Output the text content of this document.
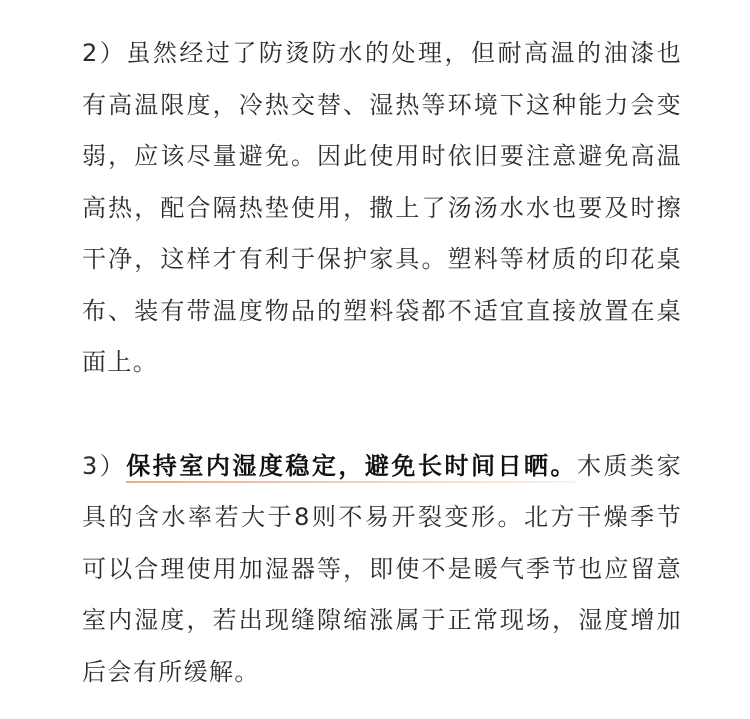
2）虽然经过了防烫防水的处理，但耐高温的油漆也有高温限度，冷热交替、湿热等环境下这种能力会变弱，应该尽量避免。因此使用时依旧要注意避免高温高热，配合隔热垫使用，撒上了汤汤水水也要及时擦干净，这样才有利于保护家具。塑料等材质的印花桌布、装有带温度物品的塑料袋都不适宜直接放置在桌面上。

3）保持室内湿度稳定，避免长时间日晒。木质类家具的含水率若大于8则不易开裂变形。北方干燥季节可以合理使用加湿器等，即使不是暖气季节也应留意室内湿度，若出现缝隙缩涨属于正常现场，湿度增加后会有所缓解。
